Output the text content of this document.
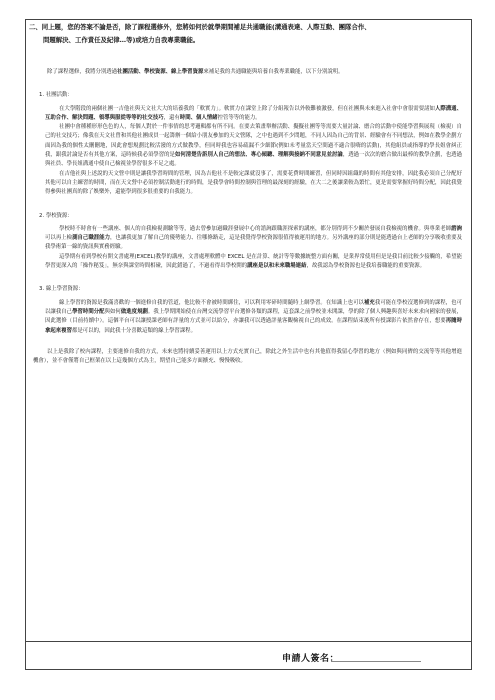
二、同上題，您的答案不論是否，除了課程選修外，您將如何於就學期間補足共通職能(溝通表達、人際互動、團隊合作、
問題解決、工作責任及紀律…等)或培力自我專業職能。

除了課程選修，我將分別透過社團活動、學校資源、線上學習資源來補足我的共通職能與培養自我專業職能，以下分別說明。

1. 社團活動：

在大學階段的兩個社團一吉他社與天文社大大的培養我的「軟實力」。軟實力在課堂上除了分組報告以外較難被激發，但在社團與未來進入社會中會很需要諸如人際溝通、互助合作、解決問題、領導與服從等等的社交技巧，還有時間、個人情緒控管等等的能力。

社團中會種種形形色色的人，每個人對於一件事情的思考邏輯都有所不同。在要去策畫舉辦活動、擬擬社團等等需要大量討論、磨合的活動中使能學習與展現（檢視）自己的社交技巧；像我在天文社曾和其他社團成員一起籌辦一個給小朋友參加的天文營隊，之中也遇到不少問題，不同人因為自己的背景、經驗會有不同想法，例如在教學企劃方面因為我的個性太刪刪地，因此會想規劃比較活潑的方式做教學，但同時我也容易疏漏不少細節(例如未考量當天空間過不適合很嗨的活動)，其他組員或指導的學長姐會糾正我，跟我討論是否有其他方案，這時候我必須學習的是如何清楚告訴別人自己的想法、專心傾聽、理解與接納不同意見並討論，透過一次次的磨合做出最棒的教學企劃，也透過與社員、學長姐溝通中使自己檢視並學習很多不足之處。

在吉他社與上述說的天文營中則是讓我學習時間的管理，因為吉他社不是較定課就沒事了，需要花費時間練習，但同時因組織的時間有其他安排，因此我必須自己分配好其他可以自主練習的時間，而在天文營中必須控制活動進行的時間，是我學會時間控制與管理的最深刻的經驗，在大二之後讓業較為繁忙，更是需要掌握好時間分配，因此我覺得參與社團真的除了娛樂外，還能學到很多很重要的自我能力。

2. 學校資源：

學校時不時會有一些講座、個人的自我檢視測驗等等，過去曾參加過職涯發展中心的諮詢跟職涯探索的講座，都分別得到不少關於發展自我檢視的機會。與專業老師諮詢可以再上檢測自己職涯能力，也讓我更加了解自己的優勢能力、往哪條路走，這是我覺得學校資源很值得被運用的地方。另外講座的部分則是能透過台上老師的分享吸收重要及我學術第一線的資訊與實務經驗。

這學期有看到學校有開文書處理(EXCEL)教學的講座，文書處理軟體中 EXCEL 是在計算、統計等等數據統整方面有關，是業界常使用但是是我目前比較少接觸的，希望能學習更深入的「操作秘笈」，無奈與課堂時間相碰，因此錯過了，不過看得出學校開的講座是以和未來職場連結，故我認為學校資源也是我培養職能的重要資源。

3. 線上學習資源：

線上學習的資源是我滿喜歡的一個進修自我的管道，他比較不會被時間綁住，可以利用零碎時間隨時上網學習。在知識上也可以補充我可能在學校沒選修到的課程，也可以讓我自己學習時間分配與如何做進度規劃。我上學期開始使在台灣交流學習平台選修各類的課程，這套課之前學校並未開課，學的除了個人興趣與喜好未來求向國家的發展，因此選修（目前持續中）。這個平台可以讓授課老師有評量的方式並可以給分，亦讓我可以透過評量客觀檢視自己的成效。在課程結束後所有授課影片依然會存在，想要再隨時拿起來複習都是可以的，因此我十分喜歡這類的線上學習課程。

以上是我除了校內課程，主要進修自我的方式，未來也將持續妥善運用以上方式充實自己，除此之外生活中也有其他值得我留心學習的地方（例如與同儕的交流等等其他增進機會），並不會僅將自己框架在以上這幾個方式為主，期望自己能多方面擴充、慢慢吸收。

申請人簽名：
